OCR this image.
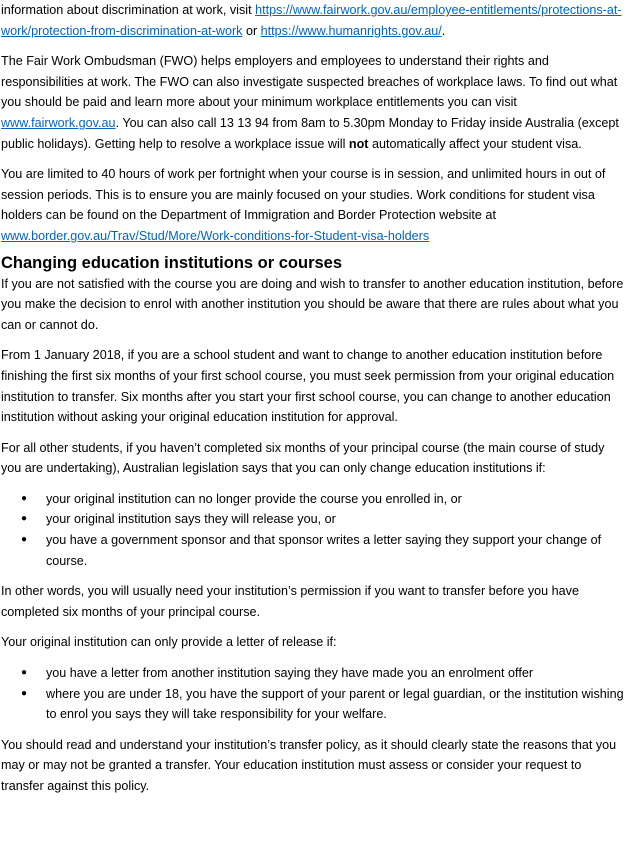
information about discrimination at work, visit https://www.fairwork.gov.au/employee-entitlements/protections-at-work/protection-from-discrimination-at-work or https://www.humanrights.gov.au/.

The Fair Work Ombudsman (FWO) helps employers and employees to understand their rights and responsibilities at work. The FWO can also investigate suspected breaches of workplace laws. To find out what you should be paid and learn more about your minimum workplace entitlements you can visit www.fairwork.gov.au. You can also call 13 13 94 from 8am to 5.30pm Monday to Friday inside Australia (except public holidays). Getting help to resolve a workplace issue will not automatically affect your student visa.

You are limited to 40 hours of work per fortnight when your course is in session, and unlimited hours in out of session periods. This is to ensure you are mainly focused on your studies. Work conditions for student visa holders can be found on the Department of Immigration and Border Protection website at www.border.gov.au/Trav/Stud/More/Work-conditions-for-Student-visa-holders

Changing education institutions or courses

If you are not satisfied with the course you are doing and wish to transfer to another education institution, before you make the decision to enrol with another institution you should be aware that there are rules about what you can or cannot do.

From 1 January 2018, if you are a school student and want to change to another education institution before finishing the first six months of your first school course, you must seek permission from your original education institution to transfer. Six months after you start your first school course, you can change to another education institution without asking your original education institution for approval.

For all other students, if you haven’t completed six months of your principal course (the main course of study you are undertaking), Australian legislation says that you can only change education institutions if:

● your original institution can no longer provide the course you enrolled in, or
● your original institution says they will release you, or
● you have a government sponsor and that sponsor writes a letter saying they support your change of course.

In other words, you will usually need your institution’s permission if you want to transfer before you have completed six months of your principal course.

Your original institution can only provide a letter of release if:

● you have a letter from another institution saying they have made you an enrolment offer
● where you are under 18, you have the support of your parent or legal guardian, or the institution wishing to enrol you says they will take responsibility for your welfare.

You should read and understand your institution’s transfer policy, as it should clearly state the reasons that you may or may not be granted a transfer. Your education institution must assess or consider your request to transfer against this policy.
